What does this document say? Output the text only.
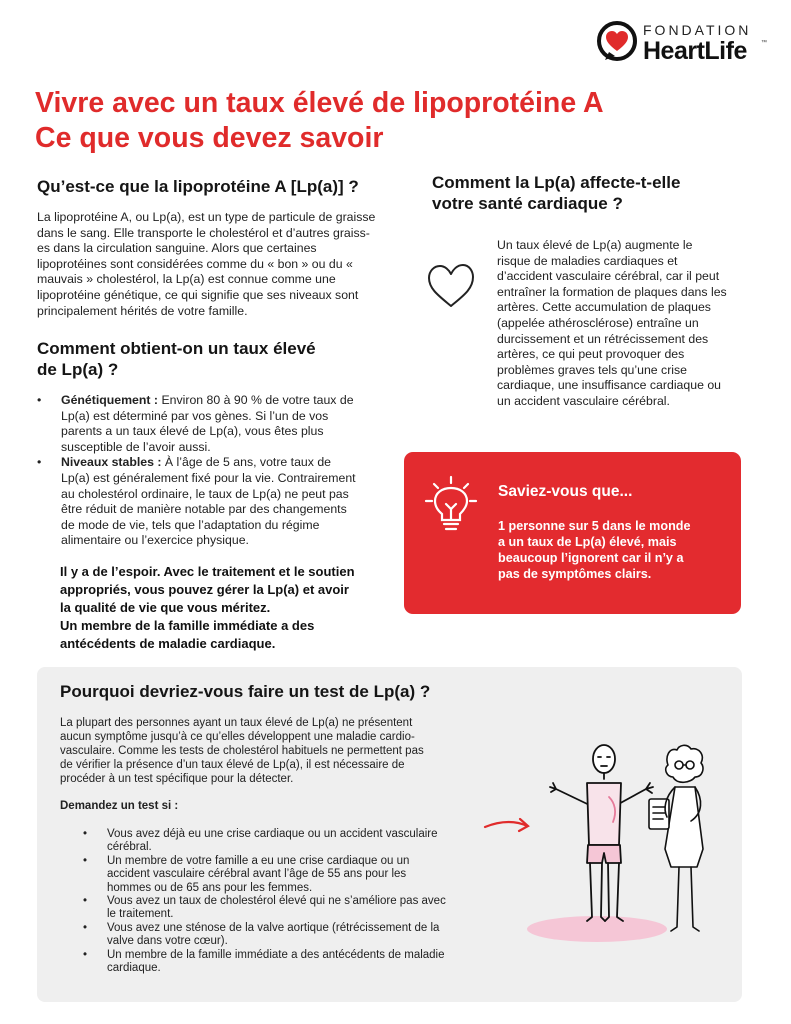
FONDATION
HeartLife ™
Vivre avec un taux élevé de lipoprotéine A
Ce que vous devez savoir
Qu’est-ce que la lipoprotéine A [Lp(a)] ?
La lipoprotéine A, ou Lp(a), est un type de particule de graisse
dans le sang. Elle transporte le cholestérol et d’autres graiss-
es dans la circulation sanguine. Alors que certaines
lipoprotéines sont considérées comme du « bon » ou du «
mauvais » cholestérol, la Lp(a) est connue comme une
lipoprotéine génétique, ce qui signifie que ses niveaux sont
principalement hérités de votre famille.
Comment la Lp(a) affecte-t-elle
votre santé cardiaque ?
Un taux élevé de Lp(a) augmente le
risque de maladies cardiaques et
d’accident vasculaire cérébral, car il peut
entraîner la formation de plaques dans les
artères. Cette accumulation de plaques
(appelée athérosclérose) entraîne un
durcissement et un rétrécissement des
artères, ce qui peut provoquer des
problèmes graves tels qu’une crise
cardiaque, une insuffisance cardiaque ou
un accident vasculaire cérébral.
Comment obtient-on un taux élevé
de Lp(a) ?
• Génétiquement : Environ 80 à 90 % de votre taux de
Lp(a) est déterminé par vos gènes. Si l’un de vos
parents a un taux élevé de Lp(a), vous êtes plus
susceptible de l’avoir aussi.
• Niveaux stables : À l’âge de 5 ans, votre taux de
Lp(a) est généralement fixé pour la vie. Contrairement
au cholestérol ordinaire, le taux de Lp(a) ne peut pas
être réduit de manière notable par des changements
de mode de vie, tels que l’adaptation du régime
alimentaire ou l’exercice physique.
Il y a de l’espoir. Avec le traitement et le soutien
appropriés, vous pouvez gérer la Lp(a) et avoir
la qualité de vie que vous méritez.
Un membre de la famille immédiate a des
antécédents de maladie cardiaque.
Saviez-vous que...
1 personne sur 5 dans le monde
a un taux de Lp(a) élevé, mais
beaucoup l’ignorent car il n’y a
pas de symptômes clairs.
Pourquoi devriez-vous faire un test de Lp(a) ?
La plupart des personnes ayant un taux élevé de Lp(a) ne présentent
aucun symptôme jusqu’à ce qu’elles développent une maladie cardio-
vasculaire. Comme les tests de cholestérol habituels ne permettent pas
de vérifier la présence d’un taux élevé de Lp(a), il est nécessaire de
procéder à un test spécifique pour la détecter.
Demandez un test si :
• Vous avez déjà eu une crise cardiaque ou un accident vasculaire
cérébral.
• Un membre de votre famille a eu une crise cardiaque ou un
accident vasculaire cérébral avant l’âge de 55 ans pour les
hommes ou de 65 ans pour les femmes.
• Vous avez un taux de cholestérol élevé qui ne s’améliore pas avec
le traitement.
• Vous avez une sténose de la valve aortique (rétrécissement de la
valve dans votre cœur).
• Un membre de la famille immédiate a des antécédents de maladie
cardiaque.
